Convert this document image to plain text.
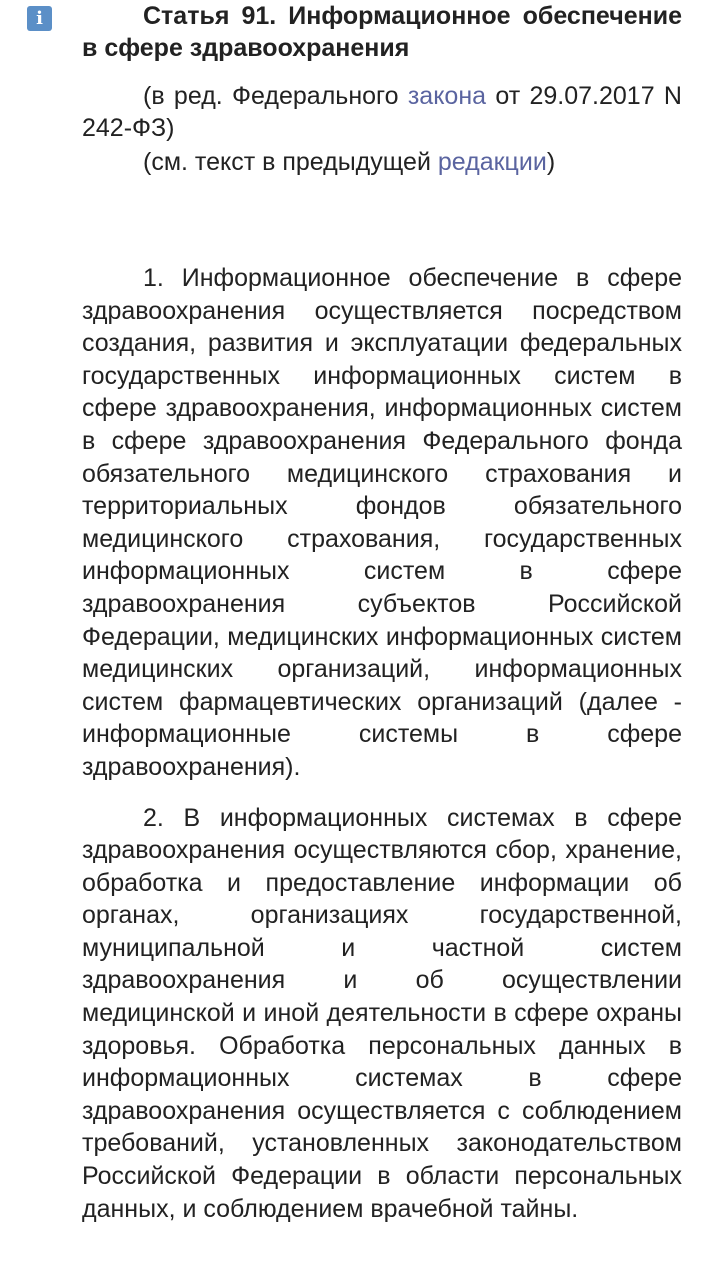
i	Статья 91. Информационное обеспечение в сфере здравоохранения

(в ред. Федерального закона от 29.07.2017 N 242-ФЗ)

(см. текст в предыдущей редакции)

1. Информационное обеспечение в сфере здравоохранения осуществляется посредством создания, развития и эксплуатации федеральных государственных информационных систем в сфере здравоохранения, информационных систем в сфере здравоохранения Федерального фонда обязательного медицинского страхования и территориальных фондов обязательного медицинского страхования, государственных информационных систем в сфере здравоохранения субъектов Российской Федерации, медицинских информационных систем медицинских организаций, информационных систем фармацевтических организаций (далее - информационные системы в сфере здравоохранения).

2. В информационных системах в сфере здравоохранения осуществляются сбор, хранение, обработка и предоставление информации об органах, организациях государственной, муниципальной и частной систем здравоохранения и об осуществлении медицинской и иной деятельности в сфере охраны здоровья. Обработка персональных данных в информационных системах в сфере здравоохранения осуществляется с соблюдением требований, установленных законодательством Российской Федерации в области персональных данных, и соблюдением врачебной тайны.
